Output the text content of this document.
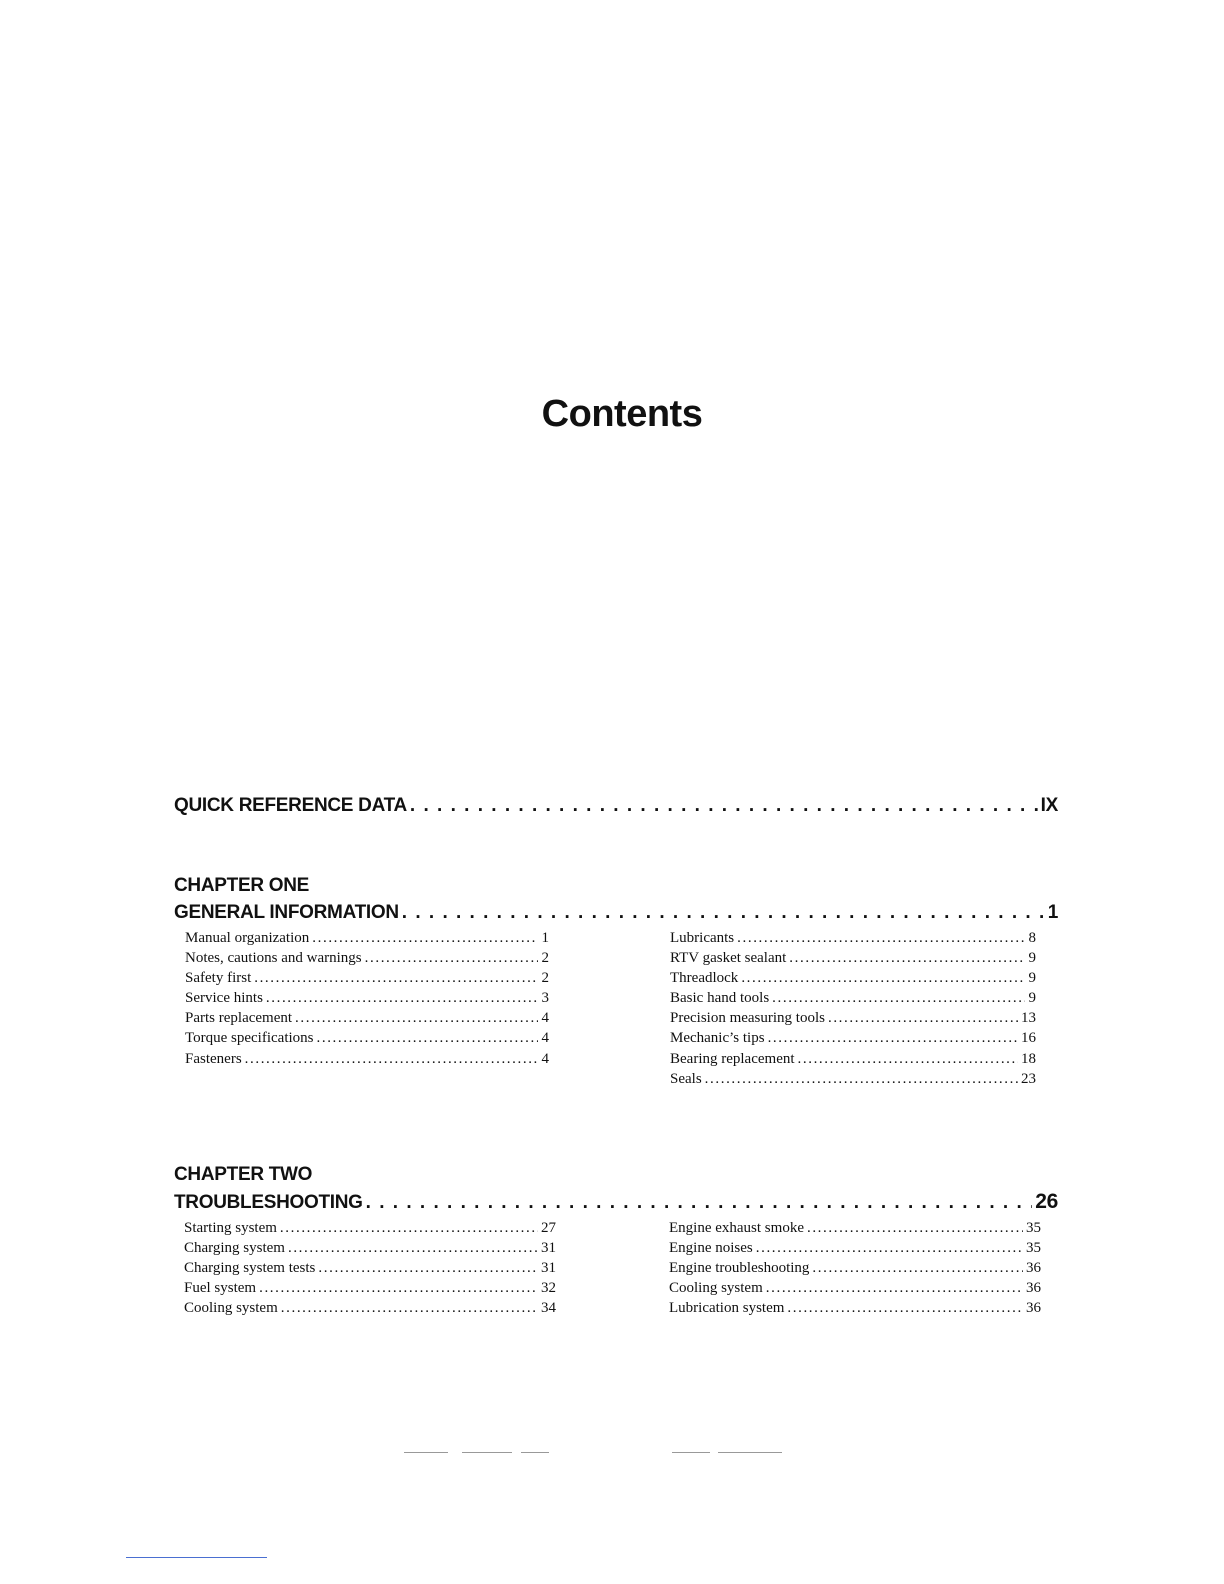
Contents
QUICK REFERENCE DATA . . .	IX
CHAPTER ONE
GENERAL INFORMATION . . .	1
Manual organization .....	1
Notes, cautions and warnings .....	2
Safety first .....	2
Service hints .....	3
Parts replacement .....	4
Torque specifications .....	4
Fasteners .....	4
Lubricants .....	8
RTV gasket sealant .....	9
Threadlock .....	9
Basic hand tools .....	9
Precision measuring tools .....	13
Mechanic’s tips .....	16
Bearing replacement .....	18
Seals .....	23
CHAPTER TWO
TROUBLESHOOTING . . .	26
Starting system .....	27
Charging system .....	31
Charging system tests .....	31
Fuel system .....	32
Cooling system .....	34
Engine exhaust smoke .....	35
Engine noises .....	35
Engine troubleshooting .....	36
Cooling system .....	36
Lubrication system .....	36
